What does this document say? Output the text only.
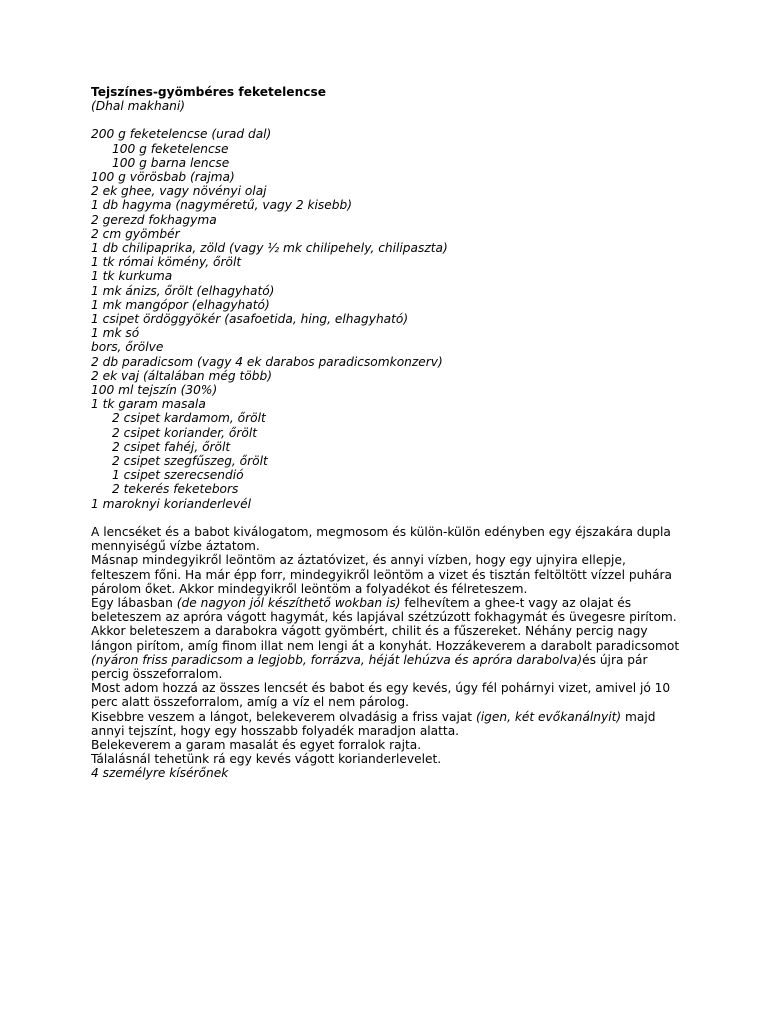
Tejszínes-gyömbéres feketelencse

(Dhal makhani)

200 g feketelencse (urad dal)
100 g feketelencse
100 g barna lencse
100 g vörösbab (rajma)
2 ek ghee, vagy növényi olaj
1 db hagyma (nagyméretű, vagy 2 kisebb)
2 gerezd fokhagyma
2 cm gyömbér
1 db chilipaprika, zöld (vagy ½ mk chilipehely, chilipaszta)
1 tk római kömény, őrölt
1 tk kurkuma
1 mk ánizs, őrölt (elhagyható)
1 mk mangópor (elhagyható)
1 csipet ördöggyökér (asafoetida, hing, elhagyható)
1 mk só
bors, őrölve
2 db paradicsom (vagy 4 ek darabos paradicsomkonzerv)
2 ek vaj (általában még több)
100 ml tejszín (30%)
1 tk garam masala
2 csipet kardamom, őrölt
2 csipet koriander, őrölt
2 csipet fahéj, őrölt
2 csipet szegfűszeg, őrölt
1 csipet szerecsendió
2 tekerés feketebors
1 maroknyi korianderlevél

A lencséket és a babot kiválogatom, megmosom és külön-külön edényben egy éjszakára dupla mennyiségű vízbe áztatom.

Másnap mindegyikről leöntöm az áztatóvizet, és annyi vízben, hogy egy ujnyira ellepje, felteszem főni. Ha már épp forr, mindegyikről leöntöm a vizet és tisztán feltöltött vízzel puhára párolom őket. Akkor mindegyikről leöntöm a folyadékot és félreteszem.

Egy lábasban (de nagyon jól készíthető wokban is) felhevítem a ghee-t vagy az olajat és beleteszem az apróra vágott hagymát, kés lapjával szétzúzott fokhagymát és üvegesre pirítom. Akkor beleteszem a darabokra vágott gyömbért, chilit és a fűszereket. Néhány percig nagy lángon pirítom, amíg finom illat nem lengi át a konyhát. Hozzákeverem a darabolt paradicsomot (nyáron friss paradicsom a legjobb, forrázva, héját lehúzva és apróra darabolva)és újra pár percig összeforralom.

Most adom hozzá az összes lencsét és babot és egy kevés, úgy fél pohárnyi vizet, amivel jó 10 perc alatt összeforralom, amíg a víz el nem párolog.

Kisebbre veszem a lángot, belekeverem olvadásig a friss vajat (igen, két evőkanálnyit) majd annyi tejszínt, hogy egy hosszabb folyadék maradjon alatta.

Belekeverem a garam masalát és egyet forralok rajta.

Tálalásnál tehetünk rá egy kevés vágott korianderlevelet.

4 személyre kísérőnek
